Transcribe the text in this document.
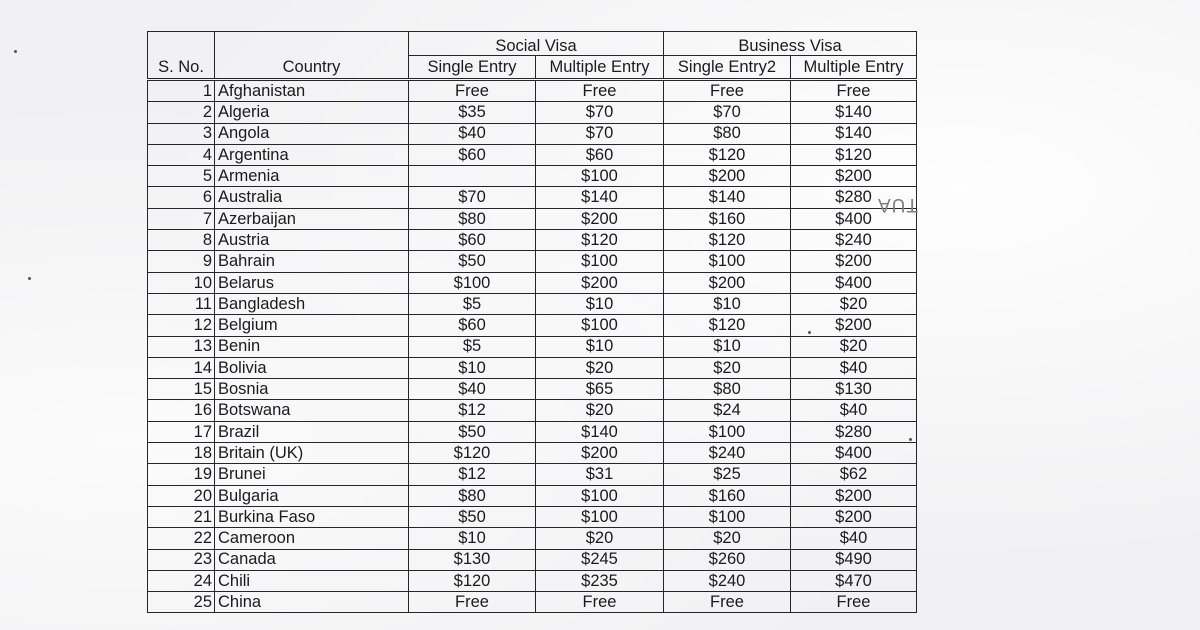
		Social Visa		Business Visa	
S. No.	Country	Single Entry	Multiple Entry	Single Entry2	Multiple Entry
1	Afghanistan	Free	Free	Free	Free
2	Algeria	$35	$70	$70	$140
3	Angola	$40	$70	$80	$140
4	Argentina	$60	$60	$120	$120
5	Armenia		$100	$200	$200
6	Australia	$70	$140	$140	$280
7	Azerbaijan	$80	$200	$160	$400
8	Austria	$60	$120	$120	$240
9	Bahrain	$50	$100	$100	$200
10	Belarus	$100	$200	$200	$400
11	Bangladesh	$5	$10	$10	$20
12	Belgium	$60	$100	$120	$200
13	Benin	$5	$10	$10	$20
14	Bolivia	$10	$20	$20	$40
15	Bosnia	$40	$65	$80	$130
16	Botswana	$12	$20	$24	$40
17	Brazil	$50	$140	$100	$280
18	Britain (UK)	$120	$200	$240	$400
19	Brunei	$12	$31	$25	$62
20	Bulgaria	$80	$100	$160	$200
21	Burkina Faso	$50	$100	$100	$200
22	Cameroon	$10	$20	$20	$40
23	Canada	$130	$245	$260	$490
24	Chili	$120	$235	$240	$470
25	China	Free	Free	Free	Free
AUT
